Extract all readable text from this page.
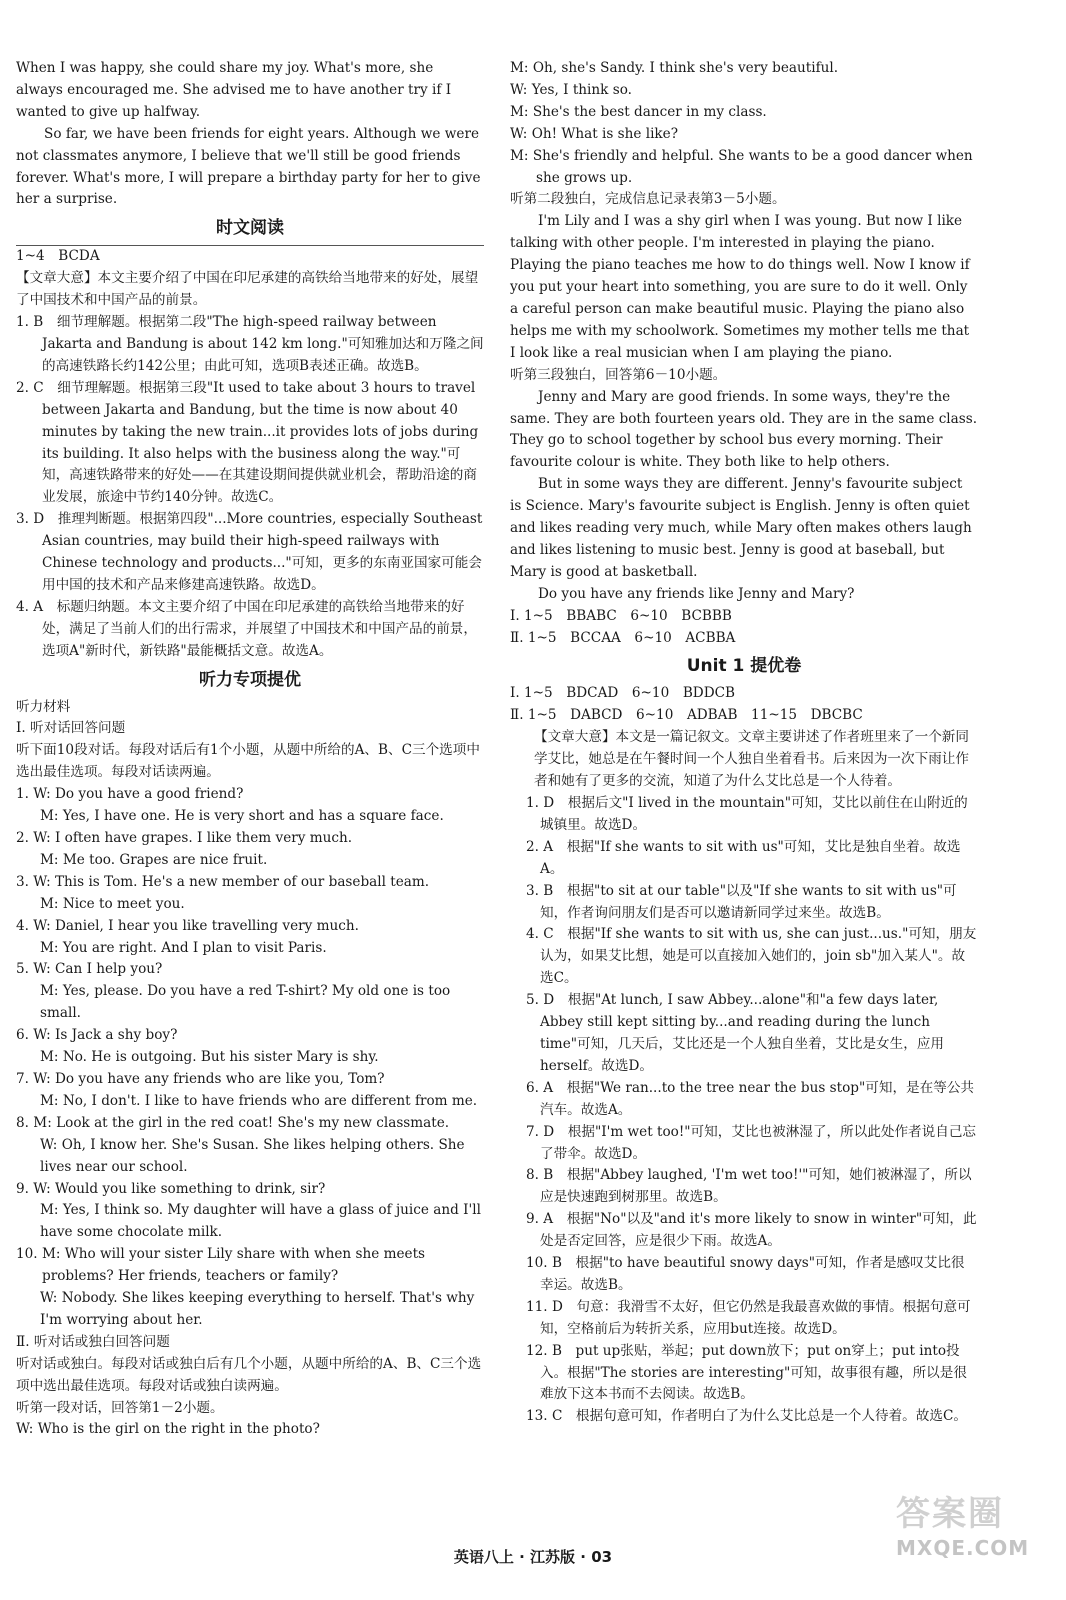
When I was happy, she could share my joy. What's more, she always encouraged me. She advised me to have another try if I wanted to give up halfway.

So far, we have been friends for eight years. Although we were not classmates anymore, I believe that we'll still be good friends forever. What's more, I will prepare a birthday party for her to give her a surprise.

时文阅读

1~4　BCDA

【文章大意】本文主要介绍了中国在印尼承建的高铁给当地带来的好处，展望了中国技术和中国产品的前景。

1. B　细节理解题。根据第二段"The high-speed railway between Jakarta and Bandung is about 142 km long."可知雅加达和万隆之间的高速铁路长约142公里；由此可知，选项B表述正确。故选B。

2. C　细节理解题。根据第三段"It used to take about 3 hours to travel between Jakarta and Bandung, but the time is now about 40 minutes by taking the new train...it provides lots of jobs during its building. It also helps with the business along the way."可知，高速铁路带来的好处——在其建设期间提供就业机会，帮助沿途的商业发展，旅途中节约140分钟。故选C。

3. D　推理判断题。根据第四段"...More countries, especially Southeast Asian countries, may build their high-speed railways with Chinese technology and products..."可知，更多的东南亚国家可能会用中国的技术和产品来修建高速铁路。故选D。

4. A　标题归纳题。本文主要介绍了中国在印尼承建的高铁给当地带来的好处，满足了当前人们的出行需求，并展望了中国技术和中国产品的前景，选项A"新时代，新铁路"最能概括文意。故选A。

听力专项提优

听力材料

Ⅰ. 听对话回答问题

听下面10段对话。每段对话后有1个小题，从题中所给的A、B、C三个选项中选出最佳选项。每段对话读两遍。

1. W: Do you have a good friend?

M: Yes, I have one. He is very short and has a square face.

2. W: I often have grapes. I like them very much.

M: Me too. Grapes are nice fruit.

3. W: This is Tom. He's a new member of our baseball team.

M: Nice to meet you.

4. W: Daniel, I hear you like travelling very much.

M: You are right. And I plan to visit Paris.

5. W: Can I help you?

M: Yes, please. Do you have a red T-shirt? My old one is too small.

6. W: Is Jack a shy boy?

M: No. He is outgoing. But his sister Mary is shy.

7. W: Do you have any friends who are like you, Tom?

M: No, I don't. I like to have friends who are different from me.

8. M: Look at the girl in the red coat! She's my new classmate.

W: Oh, I know her. She's Susan. She likes helping others. She lives near our school.

9. W: Would you like something to drink, sir?

M: Yes, I think so. My daughter will have a glass of juice and I'll have some chocolate milk.

10. M: Who will your sister Lily share with when she meets problems? Her friends, teachers or family?

W: Nobody. She likes keeping everything to herself. That's why I'm worrying about her.

Ⅱ. 听对话或独白回答问题

听对话或独白。每段对话或独白后有几个小题，从题中所给的A、B、C三个选项中选出最佳选项。每段对话或独白读两遍。

听第一段对话，回答第1－2小题。

W: Who is the girl on the right in the photo?

M: Oh, she's Sandy. I think she's very beautiful.

W: Yes, I think so.

M: She's the best dancer in my class.

W: Oh! What is she like?

M: She's friendly and helpful. She wants to be a good dancer when she grows up.

听第二段独白，完成信息记录表第3－5小题。

I'm Lily and I was a shy girl when I was young. But now I like talking with other people. I'm interested in playing the piano. Playing the piano teaches me how to do things well. Now I know if you put your heart into something, you are sure to do it well. Only a careful person can make beautiful music. Playing the piano also helps me with my schoolwork. Sometimes my mother tells me that I look like a real musician when I am playing the piano.

听第三段独白，回答第6－10小题。

Jenny and Mary are good friends. In some ways, they're the same. They are both fourteen years old. They are in the same class. They go to school together by school bus every morning. Their favourite colour is white. They both like to help others.

But in some ways they are different. Jenny's favourite subject is Science. Mary's favourite subject is English. Jenny is often quiet and likes reading very much, while Mary often makes others laugh and likes listening to music best. Jenny is good at baseball, but Mary is good at basketball.

Do you have any friends like Jenny and Mary?

Ⅰ. 1~5　BBABC　6~10　BCBBB

Ⅱ. 1~5　BCCAA　6~10　ACBBA

Unit 1 提优卷

Ⅰ. 1~5　BDCAD　6~10　BDDCB

Ⅱ. 1~5　DABCD　6~10　ADBAB　11~15　DBCBC

【文章大意】本文是一篇记叙文。文章主要讲述了作者班里来了一个新同学艾比，她总是在午餐时间一个人独自坐着看书。后来因为一次下雨让作者和她有了更多的交流，知道了为什么艾比总是一个人待着。

1. D　根据后文"I lived in the mountain"可知，艾比以前住在山附近的城镇里。故选D。

2. A　根据"If she wants to sit with us"可知，艾比是独自坐着。故选A。

3. B　根据"to sit at our table"以及"If she wants to sit with us"可知，作者询问朋友们是否可以邀请新同学过来坐。故选B。

4. C　根据"If she wants to sit with us, she can just...us."可知，朋友认为，如果艾比想，她是可以直接加入她们的，join sb"加入某人"。故选C。

5. D　根据"At lunch, I saw Abbey...alone"和"a few days later, Abbey still kept sitting by...and reading during the lunch time"可知，几天后，艾比还是一个人独自坐着，艾比是女生，应用herself。故选D。

6. A　根据"We ran...to the tree near the bus stop"可知，是在等公共汽车。故选A。

7. D　根据"I'm wet too!"可知，艾比也被淋湿了，所以此处作者说自己忘了带伞。故选D。

8. B　根据"Abbey laughed, 'I'm wet too!'"可知，她们被淋湿了，所以应是快速跑到树那里。故选B。

9. A　根据"No"以及"and it's more likely to snow in winter"可知，此处是否定回答，应是很少下雨。故选A。

10. B　根据"to have beautiful snowy days"可知，作者是感叹艾比很幸运。故选B。

11. D　句意：我滑雪不太好，但它仍然是我最喜欢做的事情。根据句意可知，空格前后为转折关系，应用but连接。故选D。

12. B　put up张贴，举起；put down放下；put on穿上；put into投入。根据"The stories are interesting"可知，故事很有趣，所以是很难放下这本书而不去阅读。故选B。

13. C　根据句意可知，作者明白了为什么艾比总是一个人待着。故选C。

英语八上 · 江苏版 · 03
答案圈
MXQE.COM
